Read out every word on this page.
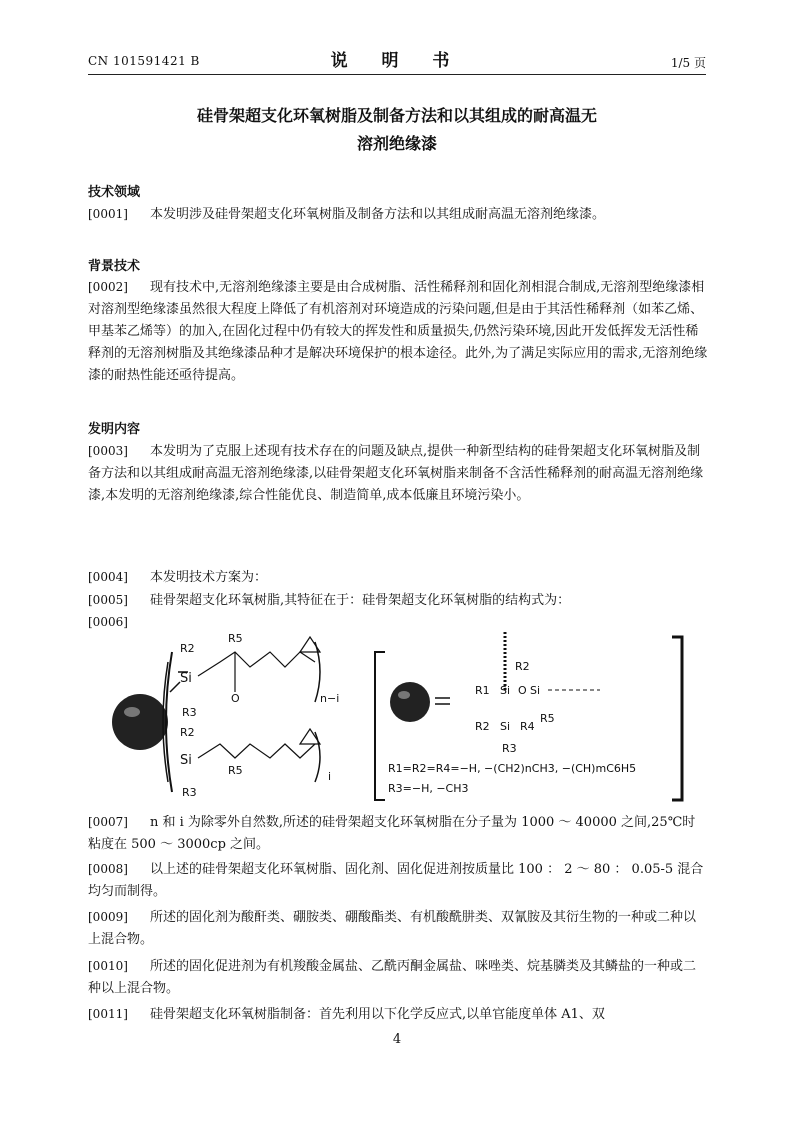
CN 101591421 B	说 明 书	1/5 页
硅骨架超支化环氧树脂及制备方法和以其组成的耐高温无
溶剂绝缘漆
技术领域
[0001] 本发明涉及硅骨架超支化环氧树脂及制备方法和以其组成耐高温无溶剂绝缘漆。
背景技术
[0002] 现有技术中,无溶剂绝缘漆主要是由合成树脂、活性稀释剂和固化剂相混合制成,无溶剂型绝缘漆相对溶剂型绝缘漆虽然很大程度上降低了有机溶剂对环境造成的污染问题,但是由于其活性稀释剂（如苯乙烯、甲基苯乙烯等）的加入,在固化过程中仍有较大的挥发性和质量损失,仍然污染环境,因此开发低挥发无活性稀释剂的无溶剂树脂及其绝缘漆品种才是解决环境保护的根本途径。此外,为了满足实际应用的需求,无溶剂绝缘漆的耐热性能还亟待提高。
发明内容
[0003] 本发明为了克服上述现有技术存在的问题及缺点,提供一种新型结构的硅骨架超支化环氧树脂及制备方法和以其组成耐高温无溶剂绝缘漆,以硅骨架超支化环氧树脂来制备不含活性稀释剂的耐高温无溶剂绝缘漆,本发明的无溶剂绝缘漆,综合性能优良、制造简单,成本低廉且环境污染小。
[0004] 本发明技术方案为：
[0005] 硅骨架超支化环氧树脂,其特征在于：硅骨架超支化环氧树脂的结构式为：
[0006]
R2
R5
Si
O	n−i
R3
R2
Si
R5
R3
i
R2
R1 Si O Si
R2 Si R4
R5
R3
R1=R2=R4=−H, −(CH2)nCH3, −(CH)mC6H5
R3=−H, −CH3
[0007] n 和 i 为除零外自然数,所述的硅骨架超支化环氧树脂在分子量为 1000 ～ 40000 之间,25℃时粘度在 500 ～ 3000cp 之间。
[0008] 以上述的硅骨架超支化环氧树脂、固化剂、固化促进剂按质量比 100 ： 2 ～ 80 ： 0.05-5 混合均匀而制得。
[0009] 所述的固化剂为酸酐类、硼胺类、硼酸酯类、有机酸酰肼类、双氰胺及其衍生物的一种或二种以上混合物。
[0010] 所述的固化促进剂为有机羧酸金属盐、乙酰丙酮金属盐、咪唑类、烷基膦类及其鳞盐的一种或二种以上混合物。
[0011] 硅骨架超支化环氧树脂制备：首先利用以下化学反应式,以单官能度单体 A1、双
4
